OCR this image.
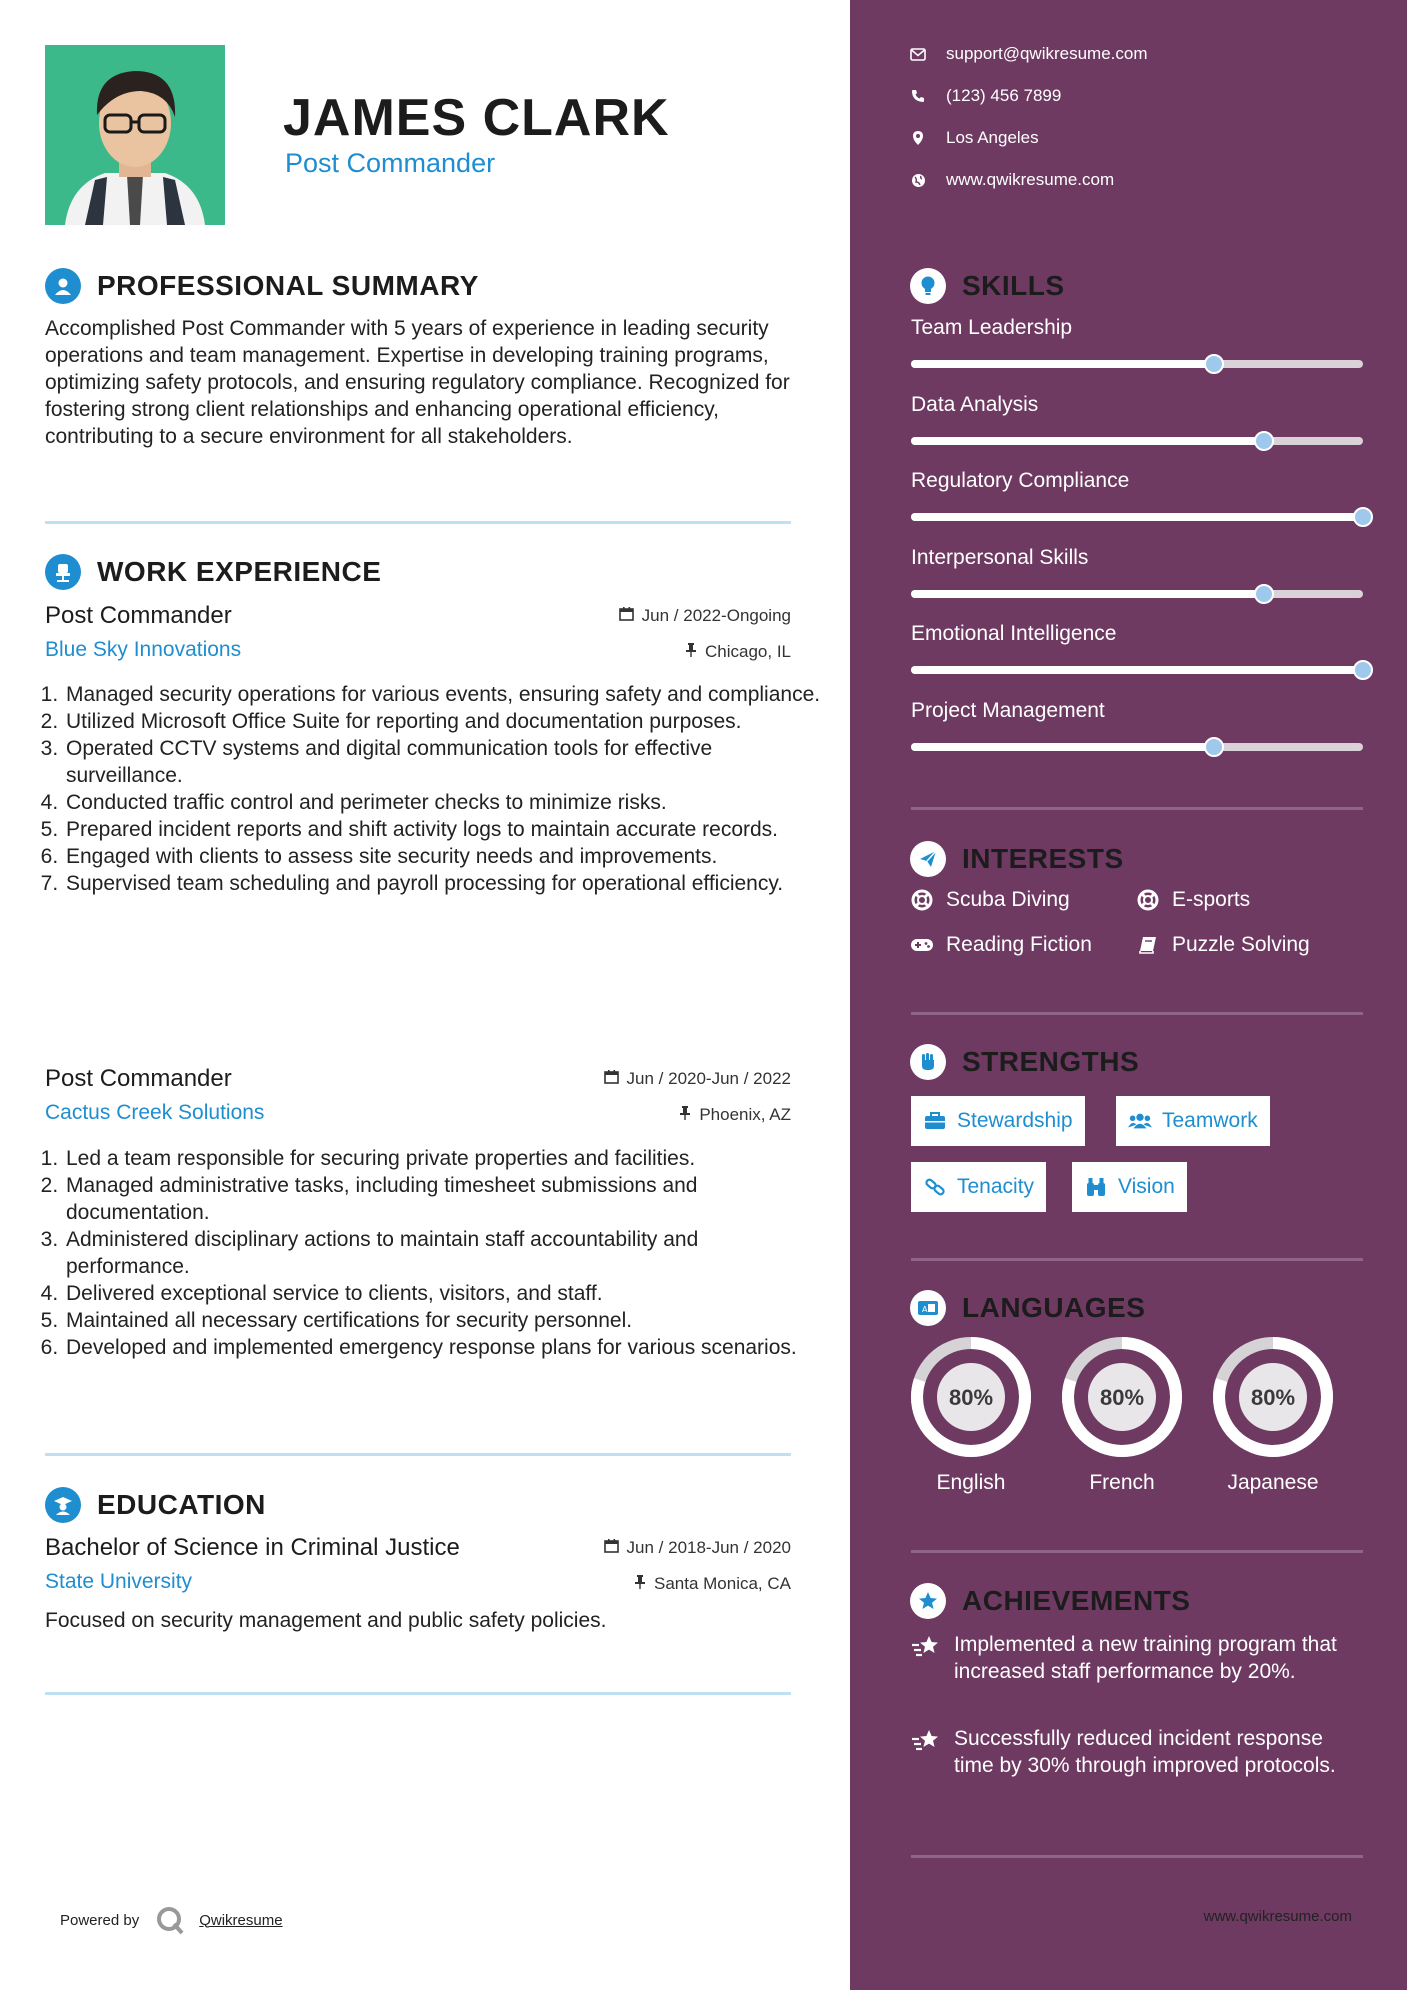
JAMES CLARK
Post Commander
PROFESSIONAL SUMMARY

Accomplished Post Commander with 5 years of experience in leading security operations and team management. Expertise in developing training programs, optimizing safety protocols, and ensuring regulatory compliance. Recognized for fostering strong client relationships and enhancing operational efficiency, contributing to a secure environment for all stakeholders.

WORK EXPERIENCE
Post Commander	Jun / 2022-Ongoing
Blue Sky Innovations	Chicago, IL
1. Managed security operations for various events, ensuring safety and compliance.
2. Utilized Microsoft Office Suite for reporting and documentation purposes.
3. Operated CCTV systems and digital communication tools for effective surveillance.
4. Conducted traffic control and perimeter checks to minimize risks.
5. Prepared incident reports and shift activity logs to maintain accurate records.
6. Engaged with clients to assess site security needs and improvements.
7. Supervised team scheduling and payroll processing for operational efficiency.
Post Commander	Jun / 2020-Jun / 2022
Cactus Creek Solutions	Phoenix, AZ
1. Led a team responsible for securing private properties and facilities.
2. Managed administrative tasks, including timesheet submissions and documentation.
3. Administered disciplinary actions to maintain staff accountability and performance.
4. Delivered exceptional service to clients, visitors, and staff.
5. Maintained all necessary certifications for security personnel.
6. Developed and implemented emergency response plans for various scenarios.
EDUCATION
Bachelor of Science in Criminal Justice	Jun / 2018-Jun / 2020
State University	Santa Monica, CA

Focused on security management and public safety policies.

Powered by	Qwikresume
support@qwikresume.com
(123) 456 7899
Los Angeles
www.qwikresume.com
SKILLS
Team Leadership
Data Analysis
Regulatory Compliance
Interpersonal Skills
Emotional Intelligence
Project Management
INTERESTS
Scuba Diving	E-sports
Reading Fiction	Puzzle Solving
STRENGTHS
Stewardship	Teamwork
Tenacity	Vision
A LANGUAGES
80%
English
80%
French
80%
Japanese
ACHIEVEMENTS
Implemented a new training program that increased staff performance by 20%.
Successfully reduced incident response time by 30% through improved protocols.
www.qwikresume.com
